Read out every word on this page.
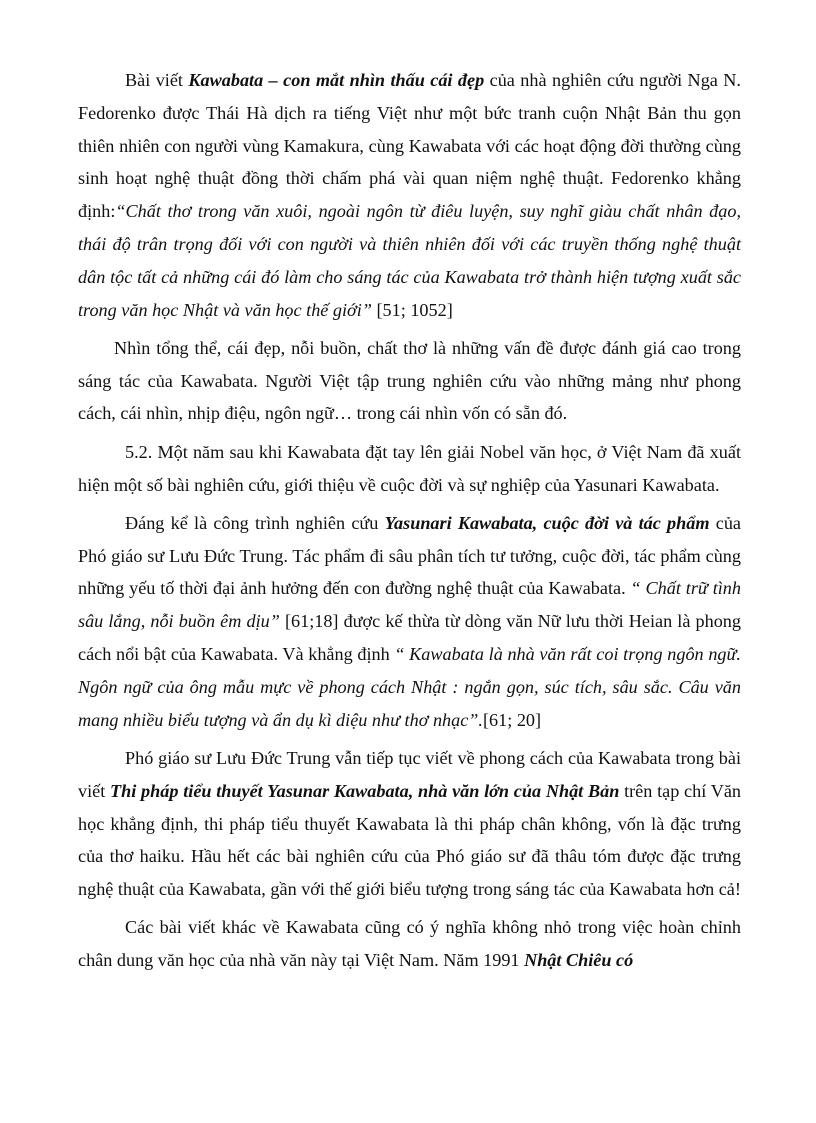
Bài viết Kawabata – con mắt nhìn thấu cái đẹp của nhà nghiên cứu người Nga N. Fedorenko được Thái Hà dịch ra tiếng Việt như một bức tranh cuộn Nhật Bản thu gọn thiên nhiên con người vùng Kamakura, cùng Kawabata với các hoạt động đời thường cùng sinh hoạt nghệ thuật đồng thời chấm phá vài quan niệm nghệ thuật. Fedorenko khẳng định:“Chất thơ trong văn xuôi, ngoài ngôn từ điêu luyện, suy nghĩ giàu chất nhân đạo, thái độ trân trọng đối với con người và thiên nhiên đối với các truyền thống nghệ thuật dân tộc tất cả những cái đó làm cho sáng tác của Kawabata trở thành hiện tượng xuất sắc trong văn học Nhật và văn học thế giới” [51; 1052]

Nhìn tổng thể, cái đẹp, nỗi buồn, chất thơ là những vấn đề được đánh giá cao trong sáng tác của Kawabata. Người Việt tập trung nghiên cứu vào những mảng như phong cách, cái nhìn, nhịp điệu, ngôn ngữ… trong cái nhìn vốn có sẵn đó.

5.2. Một năm sau khi Kawabata đặt tay lên giải Nobel văn học, ở Việt Nam đã xuất hiện một số bài nghiên cứu, giới thiệu về cuộc đời và sự nghiệp của Yasunari Kawabata.

Đáng kể là công trình nghiên cứu Yasunari Kawabata, cuộc đời và tác phẩm của Phó giáo sư Lưu Đức Trung. Tác phẩm đi sâu phân tích tư tưởng, cuộc đời, tác phẩm cùng những yếu tố thời đại ảnh hưởng đến con đường nghệ thuật của Kawabata. “ Chất trữ tình sâu lắng, nỗi buồn êm dịu” [61;18] được kế thừa từ dòng văn Nữ lưu thời Heian là phong cách nổi bật của Kawabata. Và khẳng định “ Kawabata là nhà văn rất coi trọng ngôn ngữ. Ngôn ngữ của ông mẫu mực về phong cách Nhật : ngắn gọn, súc tích, sâu sắc. Câu văn mang nhiều biểu tượng và ẩn dụ kì diệu như thơ nhạc”.[61; 20]

Phó giáo sư Lưu Đức Trung vẫn tiếp tục viết về phong cách của Kawabata trong bài viết Thi pháp tiểu thuyết Yasunar Kawabata, nhà văn lớn của Nhật Bản trên tạp chí Văn học khẳng định, thi pháp tiểu thuyết Kawabata là thi pháp chân không, vốn là đặc trưng của thơ haiku. Hầu hết các bài nghiên cứu của Phó giáo sư đã thâu tóm được đặc trưng nghệ thuật của Kawabata, gần với thế giới biểu tượng trong sáng tác của Kawabata hơn cả!

Các bài viết khác về Kawabata cũng có ý nghĩa không nhỏ trong việc hoàn chỉnh chân dung văn học của nhà văn này tại Việt Nam. Năm 1991 Nhật Chiêu có
